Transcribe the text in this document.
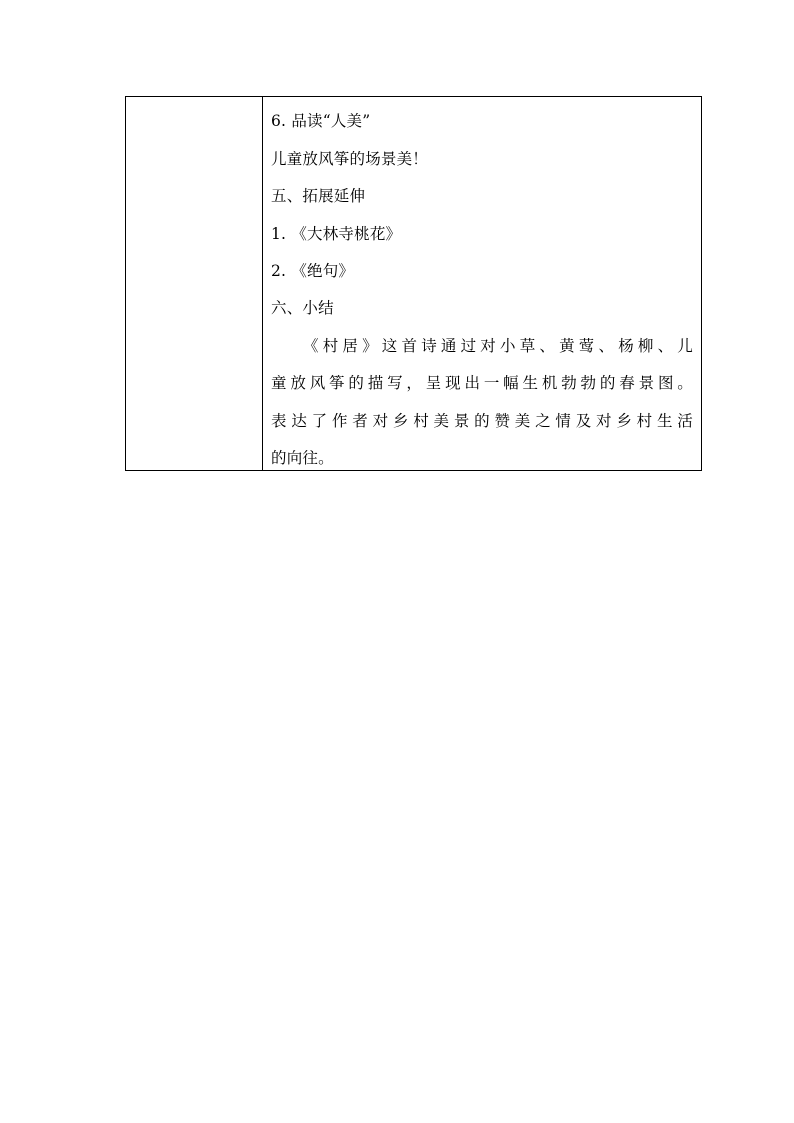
6. 品读“人美”
儿童放风筝的场景美！
五、拓展延伸
1. 《大林寺桃花》
2. 《绝句》
六、小结
《村居》这首诗通过对小草、黄莺、杨柳、儿
童放风筝的描写，呈现出一幅生机勃勃的春景图。
表达了作者对乡村美景的赞美之情及对乡村生活
的向往。
